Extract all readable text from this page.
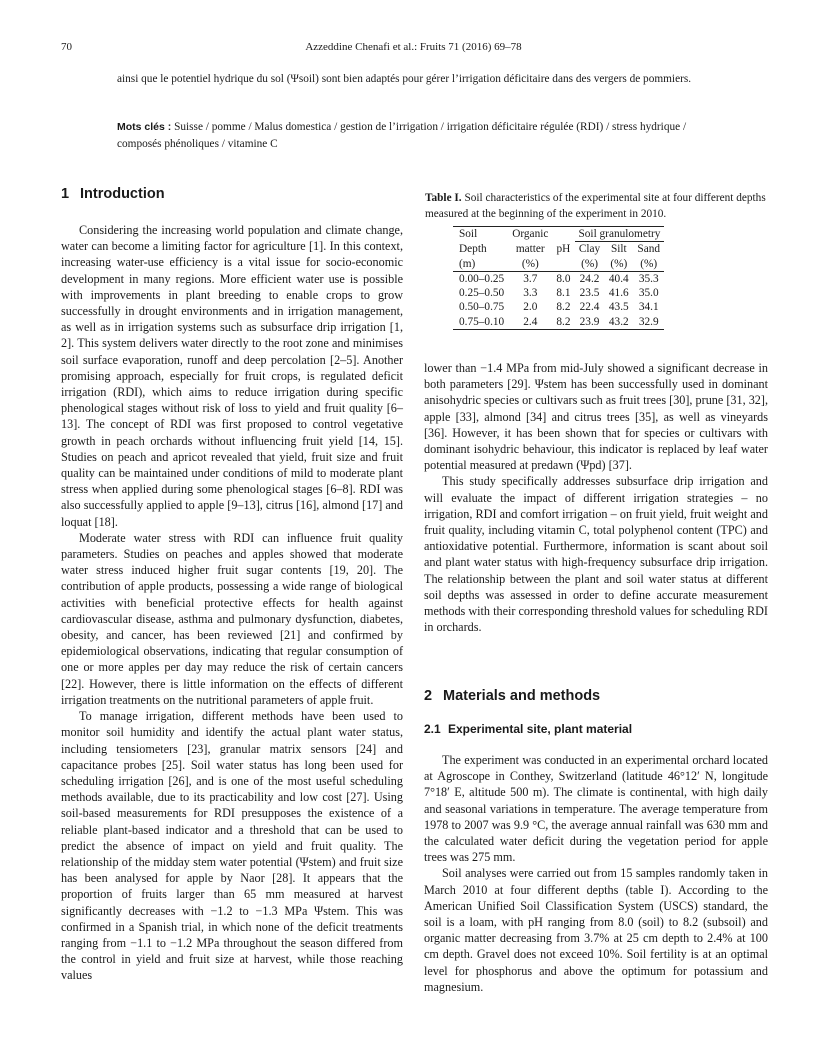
70	Azzeddine Chenafi et al.: Fruits 71 (2016) 69–78
ainsi que le potentiel hydrique du sol (Ψsoil) sont bien adaptés pour gérer l’irrigation déficitaire dans des vergers de pommiers.
Mots clés : Suisse / pomme / Malus domestica / gestion de l’irrigation / irrigation déficitaire régulée (RDI) / stress hydrique / composés phénoliques / vitamine C
1 Introduction

Considering the increasing world population and climate change, water can become a limiting factor for agriculture [1]. In this context, increasing water-use efficiency is a vital issue for socio-economic development in many regions. More efficient water use is possible with improvements in plant breeding to enable crops to grow successfully in drought environments and in irrigation management, as well as in irrigation systems such as subsurface drip irrigation [1, 2]. This system delivers water directly to the root zone and minimises soil surface evaporation, runoff and deep percolation [2–5]. Another promising approach, especially for fruit crops, is regulated deficit irrigation (RDI), which aims to reduce irrigation during specific phenological stages without risk of loss to yield and fruit quality [6–13]. The concept of RDI was first proposed to control vegetative growth in peach orchards without influencing fruit yield [14, 15]. Studies on peach and apricot revealed that yield, fruit size and fruit quality can be maintained under conditions of mild to moderate plant stress when applied during some phenological stages [6–8]. RDI was also successfully applied to apple [9–13], citrus [16], almond [17] and loquat [18].

Moderate water stress with RDI can influence fruit quality parameters. Studies on peaches and apples showed that moderate water stress induced higher fruit sugar contents [19, 20]. The contribution of apple products, possessing a wide range of biological activities with beneficial protective effects for health against cardiovascular disease, asthma and pulmonary dysfunction, diabetes, obesity, and cancer, has been reviewed [21] and confirmed by epidemiological observations, indicating that regular consumption of one or more apples per day may reduce the risk of certain cancers [22]. However, there is little information on the effects of different irrigation treatments on the nutritional parameters of apple fruit.

To manage irrigation, different methods have been used to monitor soil humidity and identify the actual plant water status, including tensiometers [23], granular matrix sensors [24] and capacitance probes [25]. Soil water status has long been used for scheduling irrigation [26], and is one of the most useful scheduling methods available, due to its practicability and low cost [27]. Using soil-based measurements for RDI presupposes the existence of a reliable plant-based indicator and a threshold that can be used to predict the absence of impact on yield and fruit quality. The relationship of the midday stem water potential (Ψstem) and fruit size has been analysed for apple by Naor [28]. It appears that the proportion of fruits larger than 65 mm measured at harvest significantly decreases with −1.2 to −1.3 MPa Ψstem. This was confirmed in a Spanish trial, in which none of the deficit treatments ranging from −1.1 to −1.2 MPa throughout the season differed from the control in yield and fruit size at harvest, while those reaching values

Table I. Soil characteristics of the experimental site at four different depths measured at the beginning of the experiment in 2010.
Soil	Organic		Soil granulometry		
Depth	matter	pH	Clay	Silt	Sand
(m)	(%)		(%)	(%)	(%)
0.00–0.25	3.7	8.0	24.2	40.4	35.3
0.25–0.50	3.3	8.1	23.5	41.6	35.0
0.50–0.75	2.0	8.2	22.4	43.5	34.1
0.75–0.10	2.4	8.2	23.9	43.2	32.9

lower than −1.4 MPa from mid-July showed a significant decrease in both parameters [29]. Ψstem has been successfully used in dominant anisohydric species or cultivars such as fruit trees [30], prune [31, 32], apple [33], almond [34] and citrus trees [35], as well as vineyards [36]. However, it has been shown that for species or cultivars with dominant isohydric behaviour, this indicator is replaced by leaf water potential measured at predawn (Ψpd) [37].

This study specifically addresses subsurface drip irrigation and will evaluate the impact of different irrigation strategies – no irrigation, RDI and comfort irrigation – on fruit yield, fruit weight and fruit quality, including vitamin C, total polyphenol content (TPC) and antioxidative potential. Furthermore, information is scant about soil and plant water status with high-frequency subsurface drip irrigation. The relationship between the plant and soil water status at different soil depths was assessed in order to define accurate measurement methods with their corresponding threshold values for scheduling RDI in orchards.

2 Materials and methods
2.1 Experimental site, plant material

The experiment was conducted in an experimental orchard located at Agroscope in Conthey, Switzerland (latitude 46°12′ N, longitude 7°18′ E, altitude 500 m). The climate is continental, with high daily and seasonal variations in temperature. The average temperature from 1978 to 2007 was 9.9 °C, the average annual rainfall was 630 mm and the calculated water deficit during the vegetation period for apple trees was 275 mm.

Soil analyses were carried out from 15 samples randomly taken in March 2010 at four different depths (table I). According to the American Unified Soil Classification System (USCS) standard, the soil is a loam, with pH ranging from 8.0 (soil) to 8.2 (subsoil) and organic matter decreasing from 3.7% at 25 cm depth to 2.4% at 100 cm depth. Gravel does not exceed 10%. Soil fertility is at an optimal level for phosphorus and above the optimum for potassium and magnesium.
